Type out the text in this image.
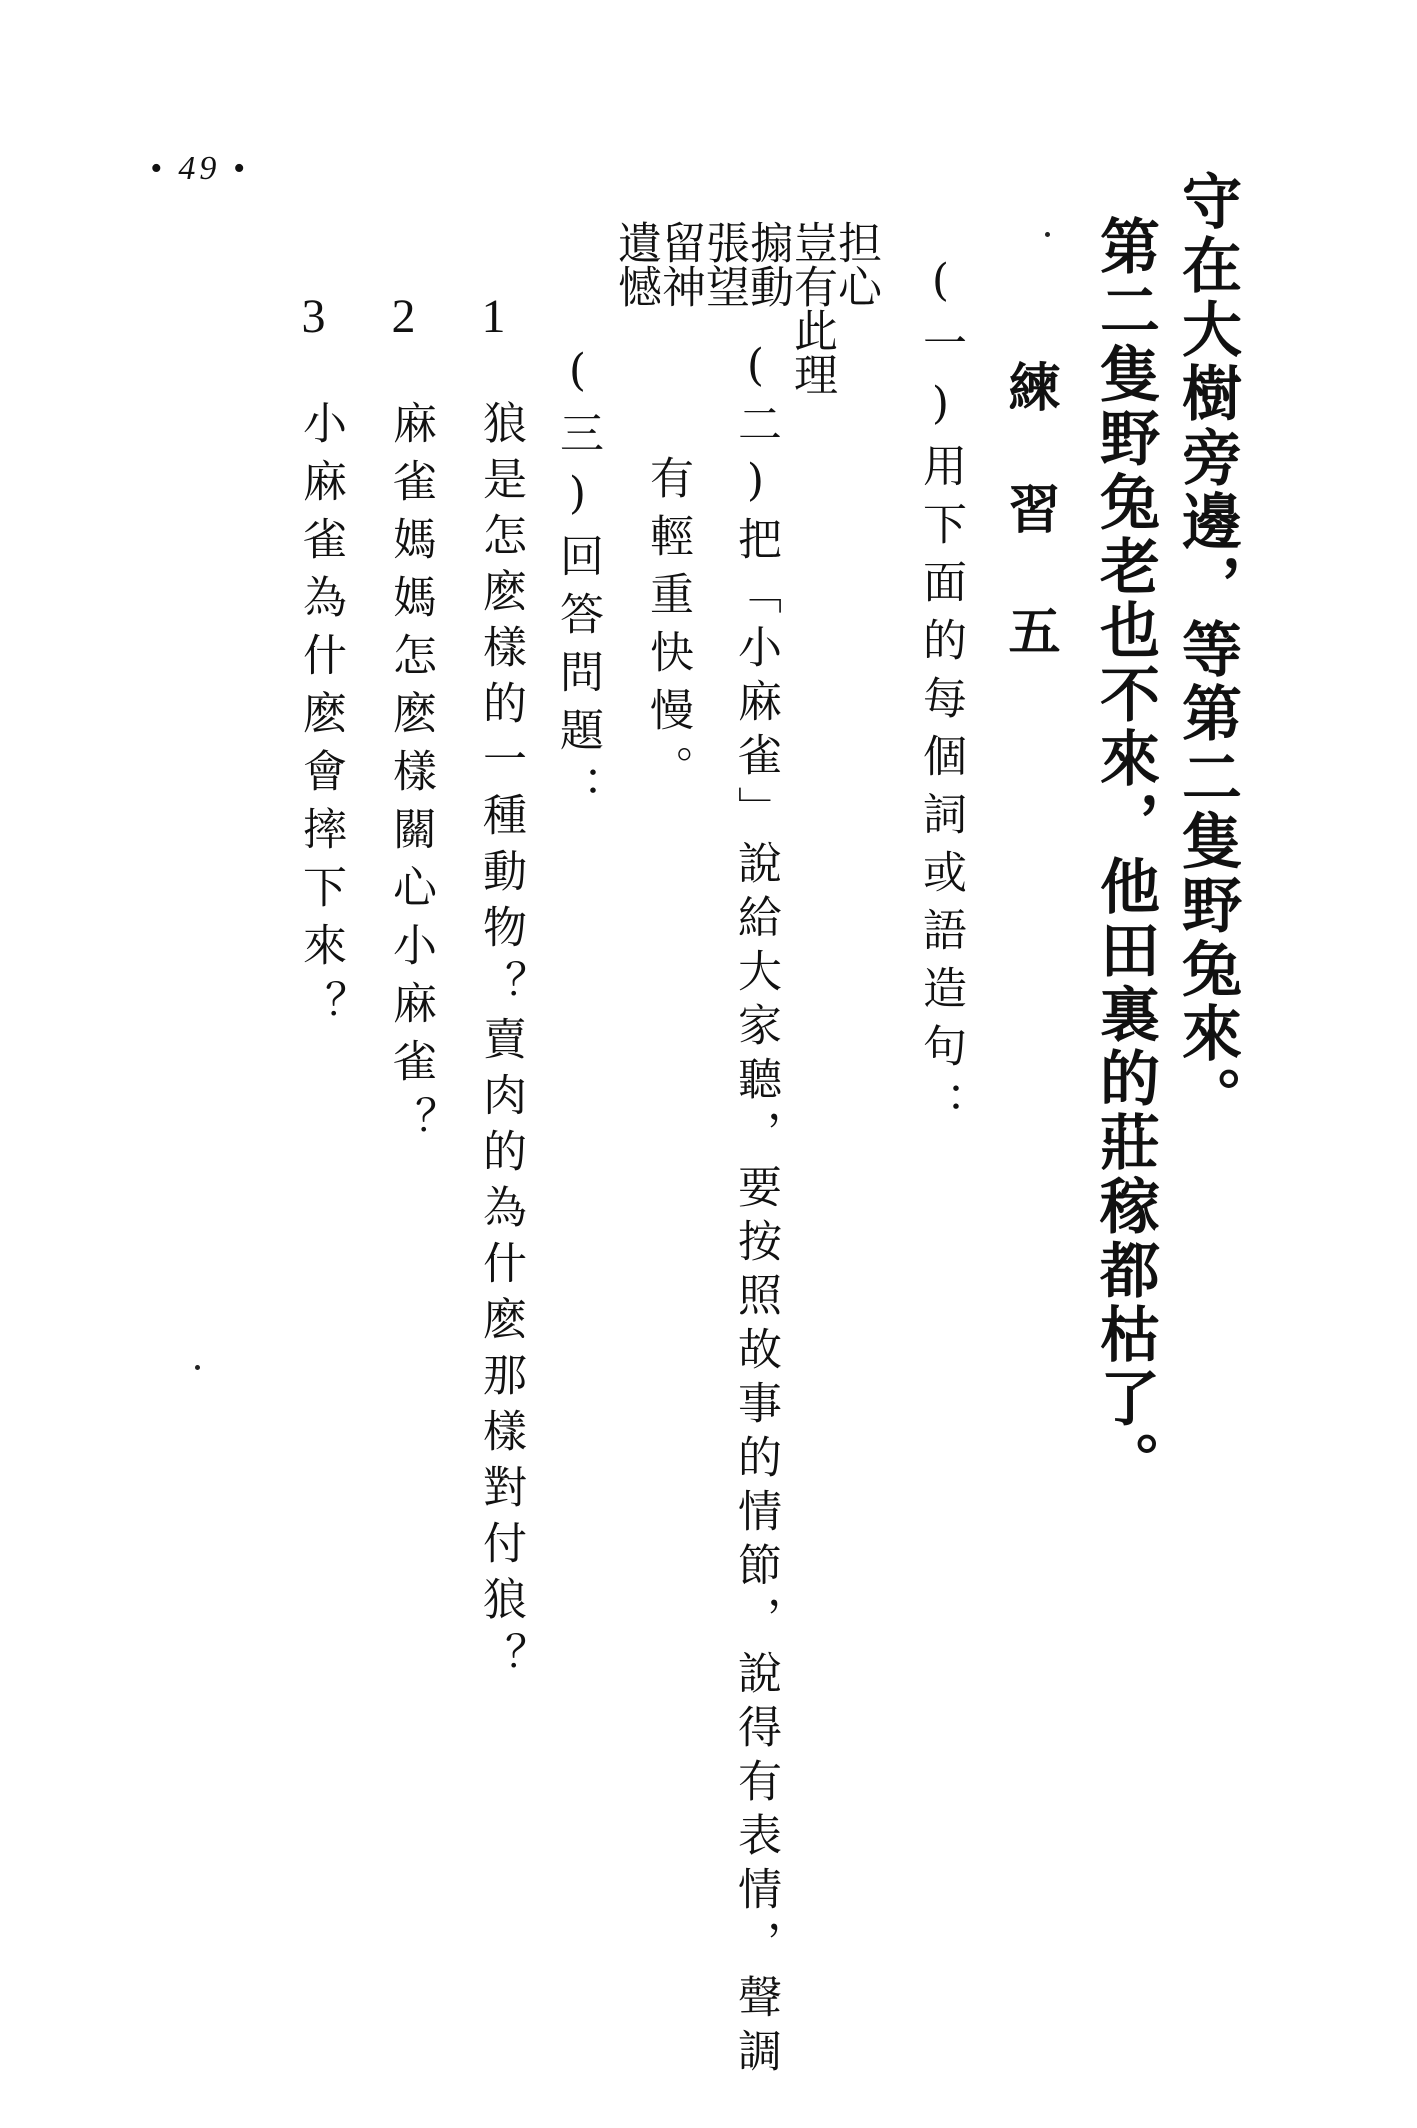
• 49 •
守在大樹旁邊，等第二隻野兔來。
第二隻野兔老也不來，他田裏的莊稼都枯了。
練習五
(一)用下面的每個詞或語造句：
担心
豈有此理
搧動
張望
留神
遺憾
(二)把「小麻雀」說給大家聽，要按照故事的情節，說得有表情，聲調
有輕重快慢。
(三)回答問題：
1
狼是怎麽樣的一種動物？賣肉的為什麽那樣對付狼？
2
麻雀媽媽怎麽樣關心小麻雀？
3
小麻雀為什麽會摔下來？
